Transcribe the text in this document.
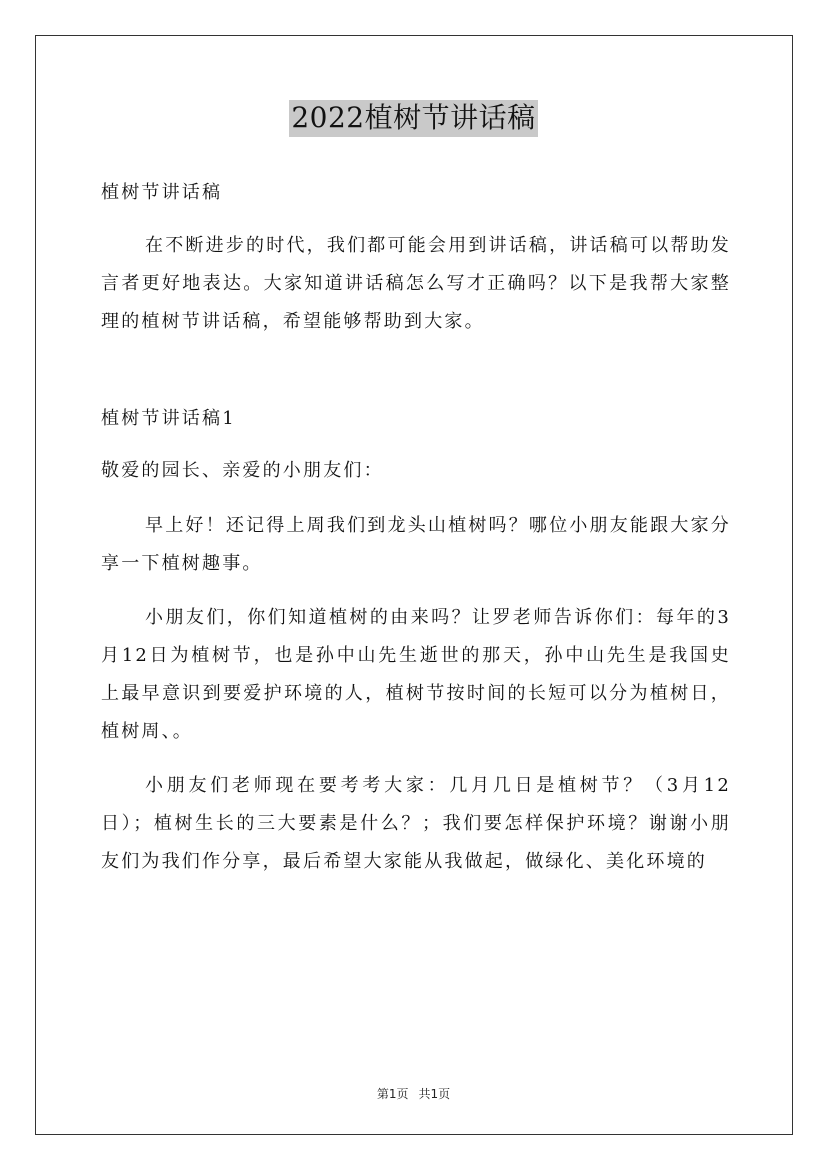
2022植树节讲话稿

植树节讲话稿

在不断进步的时代，我们都可能会用到讲话稿，讲话稿可以帮助发言者更好地表达。大家知道讲话稿怎么写才正确吗？以下是我帮大家整理的植树节讲话稿，希望能够帮助到大家。

植树节讲话稿1

敬爱的园长、亲爱的小朋友们：

早上好！还记得上周我们到龙头山植树吗？哪位小朋友能跟大家分享一下植树趣事。

小朋友们，你们知道植树的由来吗？让罗老师告诉你们：每年的3月12日为植树节，也是孙中山先生逝世的那天，孙中山先生是我国史上最早意识到要爱护环境的人，植树节按时间的长短可以分为植树日，植树周、。

小朋友们老师现在要考考大家：几月几日是植树节？（3月12日）；植树生长的三大要素是什么？；我们要怎样保护环境？谢谢小朋友们为我们作分享，最后希望大家能从我做起，做绿化、美化环境的

第1页 共1页
